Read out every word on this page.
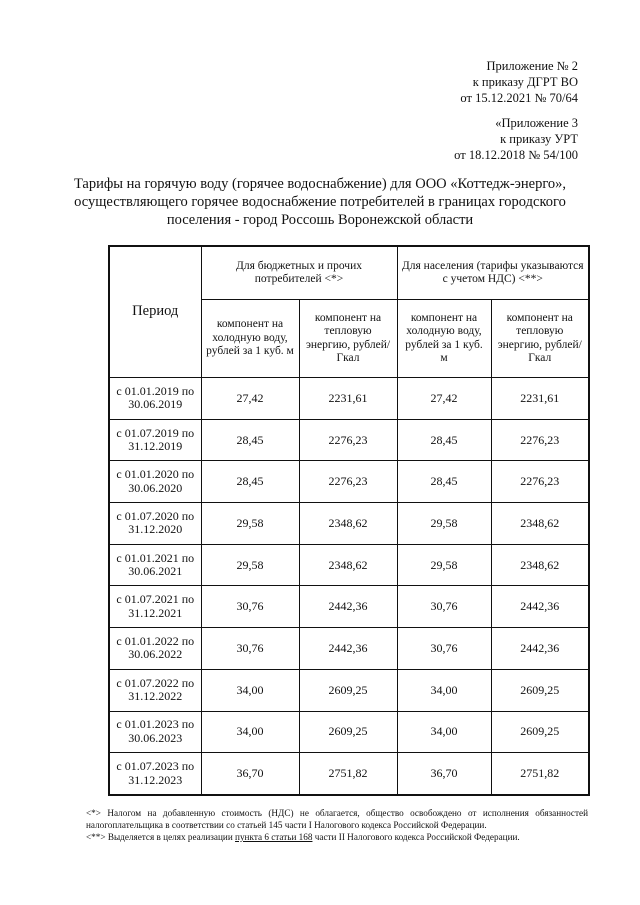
Приложение № 2
к приказу ДГРТ ВО
от 15.12.2021 № 70/64
«Приложение 3
к приказу УРТ
от 18.12.2018 № 54/100
Тарифы на горячую воду (горячее водоснабжение) для ООО «Коттедж-энерго», осуществляющего горячее водоснабжение потребителей в границах городского поселения - город Россошь Воронежской области
Период	Для бюджетных и прочих потребителей <*>		Для населения (тарифы указываются с учетом НДС) <**>	
	компонент на холодную воду, рублей за 1 куб. м	компонент на тепловую энергию, рублей/Гкал	компонент на холодную воду, рублей за 1 куб. м	компонент на тепловую энергию, рублей/Гкал
с 01.01.2019 по 30.06.2019	27,42	2231,61	27,42	2231,61
с 01.07.2019 по 31.12.2019	28,45	2276,23	28,45	2276,23
с 01.01.2020 по 30.06.2020	28,45	2276,23	28,45	2276,23
с 01.07.2020 по 31.12.2020	29,58	2348,62	29,58	2348,62
с 01.01.2021 по 30.06.2021	29,58	2348,62	29,58	2348,62
с 01.07.2021 по 31.12.2021	30,76	2442,36	30,76	2442,36
с 01.01.2022 по 30.06.2022	30,76	2442,36	30,76	2442,36
с 01.07.2022 по 31.12.2022	34,00	2609,25	34,00	2609,25
с 01.01.2023 по 30.06.2023	34,00	2609,25	34,00	2609,25
с 01.07.2023 по 31.12.2023	36,70	2751,82	36,70	2751,82

<*> Налогом на добавленную стоимость (НДС) не облагается, общество освобождено от исполнения обязанностей налогоплательщика в соответствии со статьей 145 части I Налогового кодекса Российской Федерации.

<**> Выделяется в целях реализации пункта 6 статьи 168 части II Налогового кодекса Российской Федерации.
